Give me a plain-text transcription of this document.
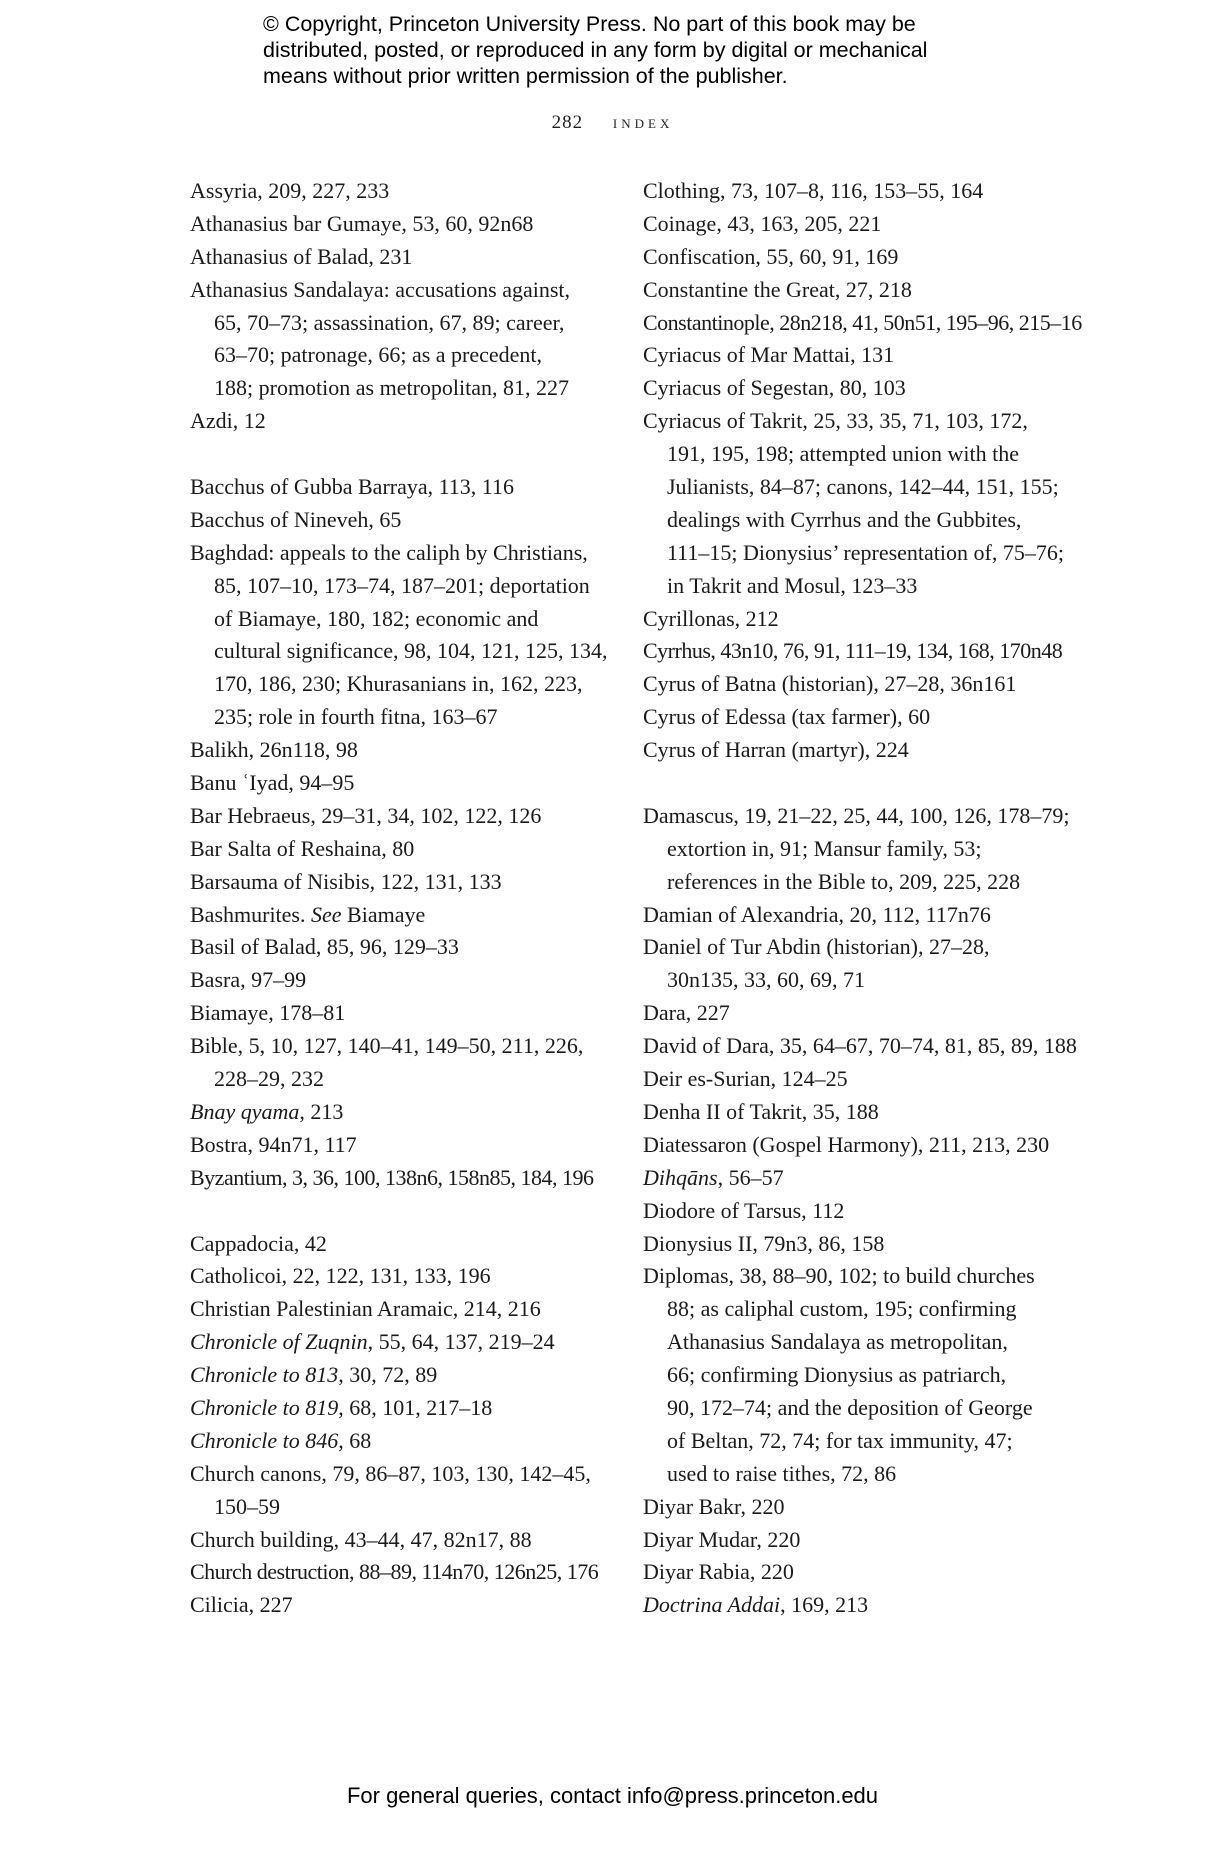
© Copyright, Princeton University Press. No part of this book may be
distributed, posted, or reproduced in any form by digital or mechanical
means without prior written permission of the publisher.
282 index
Assyria, 209, 227, 233
Athanasius bar Gumaye, 53, 60, 92n68
Athanasius of Balad, 231
Athanasius Sandalaya: accusations against,
65, 70–73; assassination, 67, 89; career,
63–70; patronage, 66; as a precedent,
188; promotion as metropolitan, 81, 227
Azdi, 12
Bacchus of Gubba Barraya, 113, 116
Bacchus of Nineveh, 65
Baghdad: appeals to the caliph by Christians,
85, 107–10, 173–74, 187–201; deportation
of Biamaye, 180, 182; economic and
cultural significance, 98, 104, 121, 125, 134,
170, 186, 230; Khurasanians in, 162, 223,
235; role in fourth fitna, 163–67
Balikh, 26n118, 98
Banu ʿIyad, 94–95
Bar Hebraeus, 29–31, 34, 102, 122, 126
Bar Salta of Reshaina, 80
Barsauma of Nisibis, 122, 131, 133
Bashmurites. See Biamaye
Basil of Balad, 85, 96, 129–33
Basra, 97–99
Biamaye, 178–81
Bible, 5, 10, 127, 140–41, 149–50, 211, 226,
228–29, 232
Bnay qyama, 213
Bostra, 94n71, 117
Byzantium, 3, 36, 100, 138n6, 158n85, 184, 196
Cappadocia, 42
Catholicoi, 22, 122, 131, 133, 196
Christian Palestinian Aramaic, 214, 216
Chronicle of Zuqnin, 55, 64, 137, 219–24
Chronicle to 813, 30, 72, 89
Chronicle to 819, 68, 101, 217–18
Chronicle to 846, 68
Church canons, 79, 86–87, 103, 130, 142–45,
150–59
Church building, 43–44, 47, 82n17, 88
Church destruction, 88–89, 114n70, 126n25, 176
Cilicia, 227
Clothing, 73, 107–8, 116, 153–55, 164
Coinage, 43, 163, 205, 221
Confiscation, 55, 60, 91, 169
Constantine the Great, 27, 218
Constantinople, 28n218, 41, 50n51, 195–96, 215–16
Cyriacus of Mar Mattai, 131
Cyriacus of Segestan, 80, 103
Cyriacus of Takrit, 25, 33, 35, 71, 103, 172,
191, 195, 198; attempted union with the
Julianists, 84–87; canons, 142–44, 151, 155;
dealings with Cyrrhus and the Gubbites,
111–15; Dionysius’ representation of, 75–76;
in Takrit and Mosul, 123–33
Cyrillonas, 212
Cyrrhus, 43n10, 76, 91, 111–19, 134, 168, 170n48
Cyrus of Batna (historian), 27–28, 36n161
Cyrus of Edessa (tax farmer), 60
Cyrus of Harran (martyr), 224
Damascus, 19, 21–22, 25, 44, 100, 126, 178–79;
extortion in, 91; Mansur family, 53;
references in the Bible to, 209, 225, 228
Damian of Alexandria, 20, 112, 117n76
Daniel of Tur Abdin (historian), 27–28,
30n135, 33, 60, 69, 71
Dara, 227
David of Dara, 35, 64–67, 70–74, 81, 85, 89, 188
Deir es-Surian, 124–25
Denha II of Takrit, 35, 188
Diatessaron (Gospel Harmony), 211, 213, 230
Dihqāns, 56–57
Diodore of Tarsus, 112
Dionysius II, 79n3, 86, 158
Diplomas, 38, 88–90, 102; to build churches
88; as caliphal custom, 195; confirming
Athanasius Sandalaya as metropolitan,
66; confirming Dionysius as patriarch,
90, 172–74; and the deposition of George
of Beltan, 72, 74; for tax immunity, 47;
used to raise tithes, 72, 86
Diyar Bakr, 220
Diyar Mudar, 220
Diyar Rabia, 220
Doctrina Addai, 169, 213
For general queries, contact info@press.princeton.edu
